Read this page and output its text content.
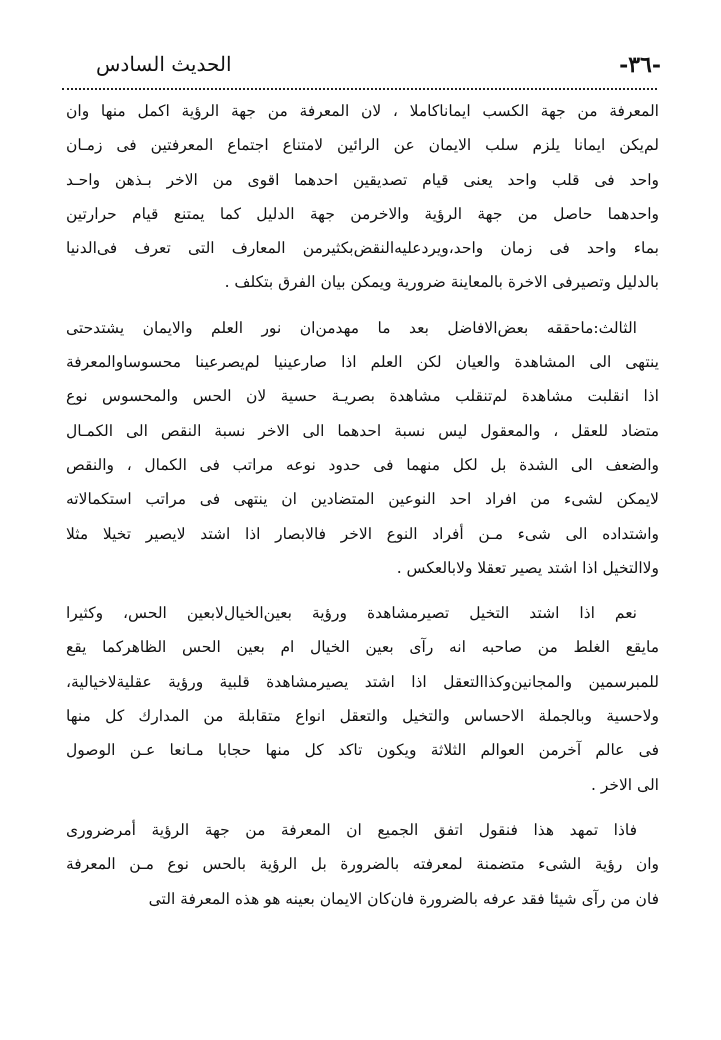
-٣٦-
الحديث السادس
المعرفة من جهة الكسب ايماناكاملا ، لان المعرفة من جهة الرؤية اكمل منها وان
لم‌يكن ايمانا يلزم سلب الايمان عن الرائين لامتناع اجتماع المعرفتين فى زمـان
واحد فى قلب واحد يعنى قيام تصديقين احدهما اقوى من الاخر بـذهن واحـد
واحدهما حاصل من جهة الرؤية والاخرمن جهة الدليل كما يمتنع قيام حرارتين
بماء واحد فى زمان واحد،ويردعليه‌النقض‌بكثيرمن المعارف التى تعرف فى‌الدنيا
بالدليل وتصيرفى الاخرة بالمعاينة ضرورية ويمكن بيان الفرق بتكلف .
الثالث:ماحققه بعض‌الافاضل بعد ما مهدمن‌ان نور العلم والايمان يشتدحتى
ينتهى الى المشاهدة والعيان لكن العلم اذا صارعينيا لم‌يصرعينا محسوساوالمعرفة
اذا انقلبت مشاهدة لم‌تنقلب مشاهدة بصريـة حسية لان الحس والمحسوس نوع
متضاد للعقل ، والمعقول ليس نسبة احدهما الى الاخر نسبة النقص الى الكمـال
والضعف الى الشدة بل لكل منهما فى حدود نوعه مراتب فى الكمال ، والنقص
لايمكن لشىء من افراد احد النوعين المتضادين ان ينتهى فى مراتب استكمالاته
واشتداده الى شىء مـن أفراد النوع الاخر فالابصار اذا اشتد لايصير تخيلا مثلا
ولاالتخيل اذا اشتد يصير تعقلا ولابالعكس .
نعم اذا اشتد التخيل تصيرمشاهدة ورؤية بعين‌الخيال‌لابعين الحس، وكثيرا
مايقع الغلط من صاحبه انه رآى بعين الخيال ام بعين الحس الظاهركما يقع
للمبرسمين والمجانين‌وكذاالتعقل اذا اشتد يصيرمشاهدة قلبية ورؤية عقلية‌لاخيالية،
ولاحسية وبالجملة الاحساس والتخيل والتعقل انواع متقابلة من المدارك كل منها
فى عالم آخرمن العوالم الثلاثة ويكون تاكد كل منها حجابا مـانعا عـن الوصول
الى الاخر .
فاذا تمهد هذا فنقول اتفق الجميع ان المعرفة من جهة الرؤية أمرضرورى
وان رؤية الشىء متضمنة لمعرفته بالضرورة بل الرؤية بالحس نوع مـن المعرفة
فان من رآى شيئا فقد عرفه بالضرورة فان‌كان الايمان بعينه هو هذه المعرفة التى
